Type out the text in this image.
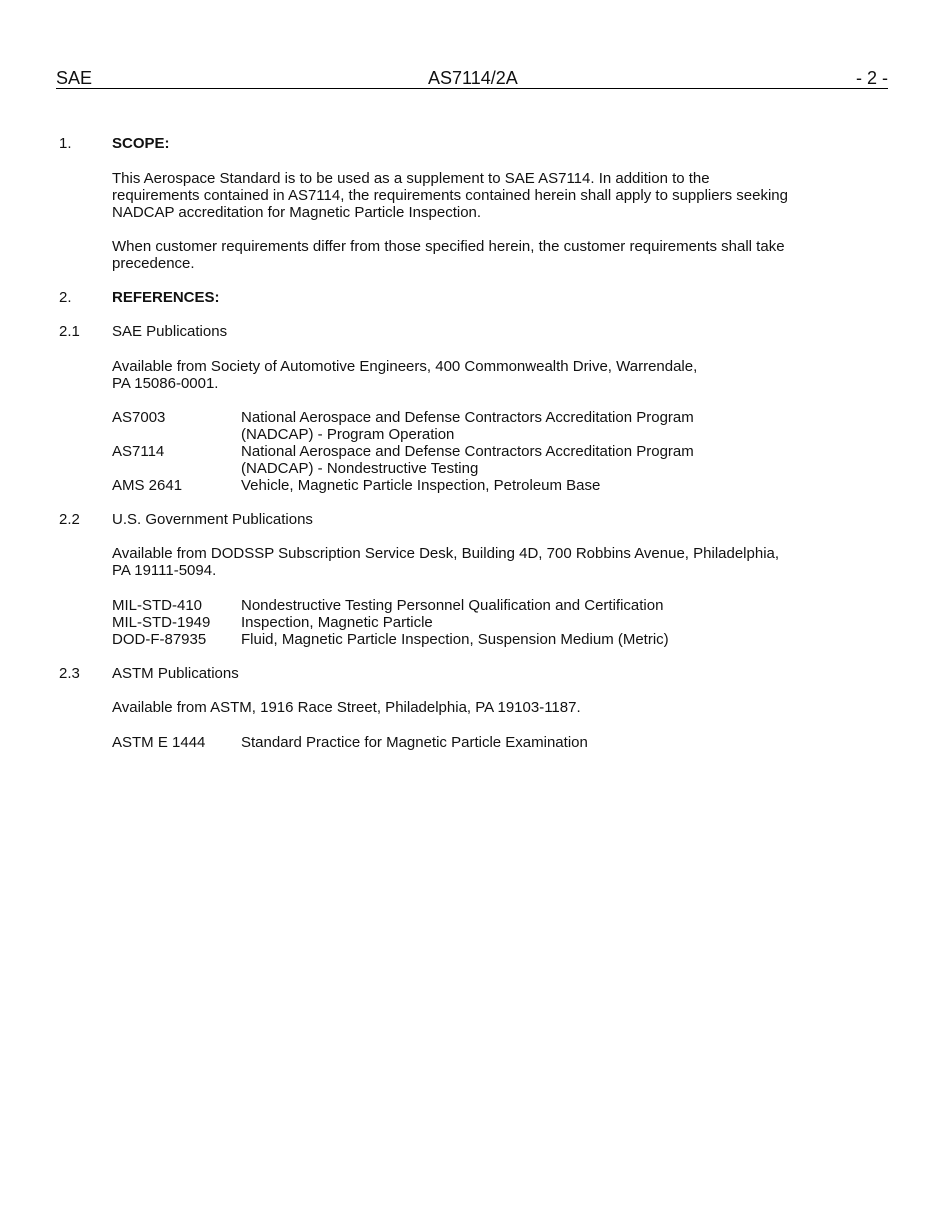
SAE	AS7114/2A	- 2 -
1.	SCOPE:
This Aerospace Standard is to be used as a supplement to SAE AS7114. In addition to the
requirements contained in AS7114, the requirements contained herein shall apply to suppliers seeking
NADCAP accreditation for Magnetic Particle Inspection.
When customer requirements differ from those specified herein, the customer requirements shall take
precedence.
2.	REFERENCES:
2.1 SAE Publications
Available from Society of Automotive Engineers, 400 Commonwealth Drive, Warrendale,
PA 15086-0001.
AS7003	National Aerospace and Defense Contractors Accreditation Program
(NADCAP) - Program Operation
AS7114	National Aerospace and Defense Contractors Accreditation Program
(NADCAP) - Nondestructive Testing
AMS 2641	Vehicle, Magnetic Particle Inspection, Petroleum Base
2.2 U.S. Government Publications
Available from DODSSP Subscription Service Desk, Building 4D, 700 Robbins Avenue, Philadelphia,
PA 19111-5094.
MIL-STD-410	Nondestructive Testing Personnel Qualification and Certification
MIL-STD-1949 Inspection, Magnetic Particle
DOD-F-87935 Fluid, Magnetic Particle Inspection, Suspension Medium (Metric)
2.3 ASTM Publications
Available from ASTM, 1916 Race Street, Philadelphia, PA 19103-1187.
ASTM E 1444 Standard Practice for Magnetic Particle Examination
